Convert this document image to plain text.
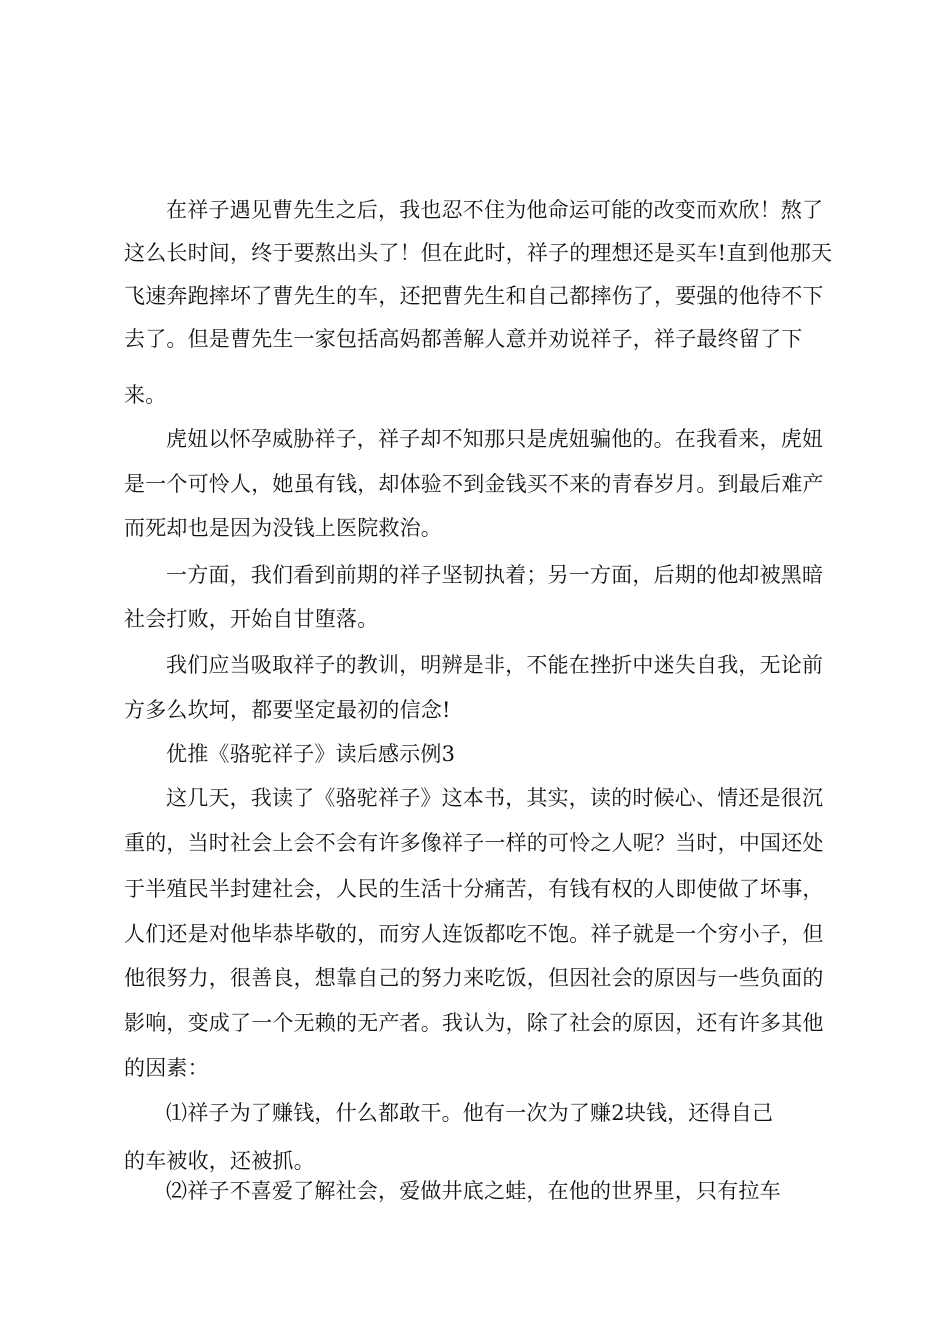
在祥子遇见曹先生之后，我也忍不住为他命运可能的改变而欢欣！熬了
这么长时间，终于要熬出头了！但在此时，祥子的理想还是买车!直到他那天
飞速奔跑摔坏了曹先生的车，还把曹先生和自己都摔伤了，要强的他待不下
去了。但是曹先生一家包括高妈都善解人意并劝说祥子，祥子最终留了下
来。
虎妞以怀孕威胁祥子，祥子却不知那只是虎妞骗他的。在我看来，虎妞
是一个可怜人，她虽有钱，却体验不到金钱买不来的青春岁月。到最后难产
而死却也是因为没钱上医院救治。
一方面，我们看到前期的祥子坚韧执着；另一方面，后期的他却被黑暗
社会打败，开始自甘堕落。
我们应当吸取祥子的教训，明辨是非，不能在挫折中迷失自我，无论前
方多么坎坷，都要坚定最初的信念!
优推《骆驼祥子》读后感示例3
这几天，我读了《骆驼祥子》这本书，其实，读的时候心、情还是很沉
重的，当时社会上会不会有许多像祥子一样的可怜之人呢？当时，中国还处
于半殖民半封建社会，人民的生活十分痛苦，有钱有权的人即使做了坏事，
人们还是对他毕恭毕敬的，而穷人连饭都吃不饱。祥子就是一个穷小子，但
他很努力，很善良，想靠自己的努力来吃饭，但因社会的原因与一些负面的
影响，变成了一个无赖的无产者。我认为，除了社会的原因，还有许多其他
的因素：
⑴祥子为了赚钱，什么都敢干。他有一次为了赚2块钱，还得自己
的车被收，还被抓。
⑵祥子不喜爱了解社会，爱做井底之蛙，在他的世界里，只有拉车
